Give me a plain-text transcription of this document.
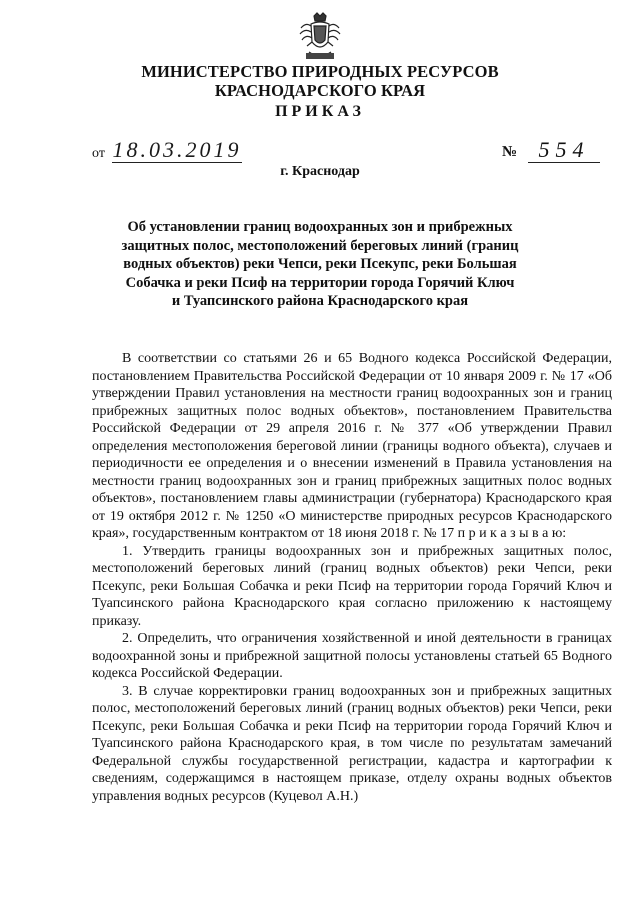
МИНИСТЕРСТВО ПРИРОДНЫХ РЕСУРСОВ
КРАСНОДАРСКОГО КРАЯ
ПРИКАЗ
от 18.03.2019	№ 554
г. Краснодар
Об установлении границ водоохранных зон и прибрежных защитных полос, местоположений береговых линий (границ водных объектов) реки Чепси, реки Псекупс, реки Большая Собачка и реки Псиф на территории города Горячий Ключ и Туапсинского района Краснодарского края

В соответствии со статьями 26 и 65 Водного кодекса Российской Федерации, постановлением Правительства Российской Федерации от 10 января 2009 г. № 17 «Об утверждении Правил установления на местности границ водоохранных зон и границ прибрежных защитных полос водных объектов», постановлением Правительства Российской Федерации от 29 апреля 2016 г. № 377 «Об утверждении Правил определения местоположения береговой линии (границы водного объекта), случаев и периодичности ее определения и о внесении изменений в Правила установления на местности границ водоохранных зон и границ прибрежных защитных полос водных объектов», постановлением главы администрации (губернатора) Краснодарского края от 19 октября 2012 г. № 1250 «О министерстве природных ресурсов Краснодарского края», государственным контрактом от 18 июня 2018 г. № 17 п р и к а з ы в а ю:

1. Утвердить границы водоохранных зон и прибрежных защитных полос, местоположений береговых линий (границ водных объектов) реки Чепси, реки Псекупс, реки Большая Собачка и реки Псиф на территории города Горячий Ключ и Туапсинского района Краснодарского края согласно приложению к настоящему приказу.

2. Определить, что ограничения хозяйственной и иной деятельности в границах водоохранной зоны и прибрежной защитной полосы установлены статьей 65 Водного кодекса Российской Федерации.

3. В случае корректировки границ водоохранных зон и прибрежных защитных полос, местоположений береговых линий (границ водных объектов) реки Чепси, реки Псекупс, реки Большая Собачка и реки Псиф на территории города Горячий Ключ и Туапсинского района Краснодарского края, в том числе по результатам замечаний Федеральной службы государственной регистрации, кадастра и картографии к сведениям, содержащимся в настоящем приказе, отделу охраны водных объектов управления водных ресурсов (Куцевол А.Н.)
